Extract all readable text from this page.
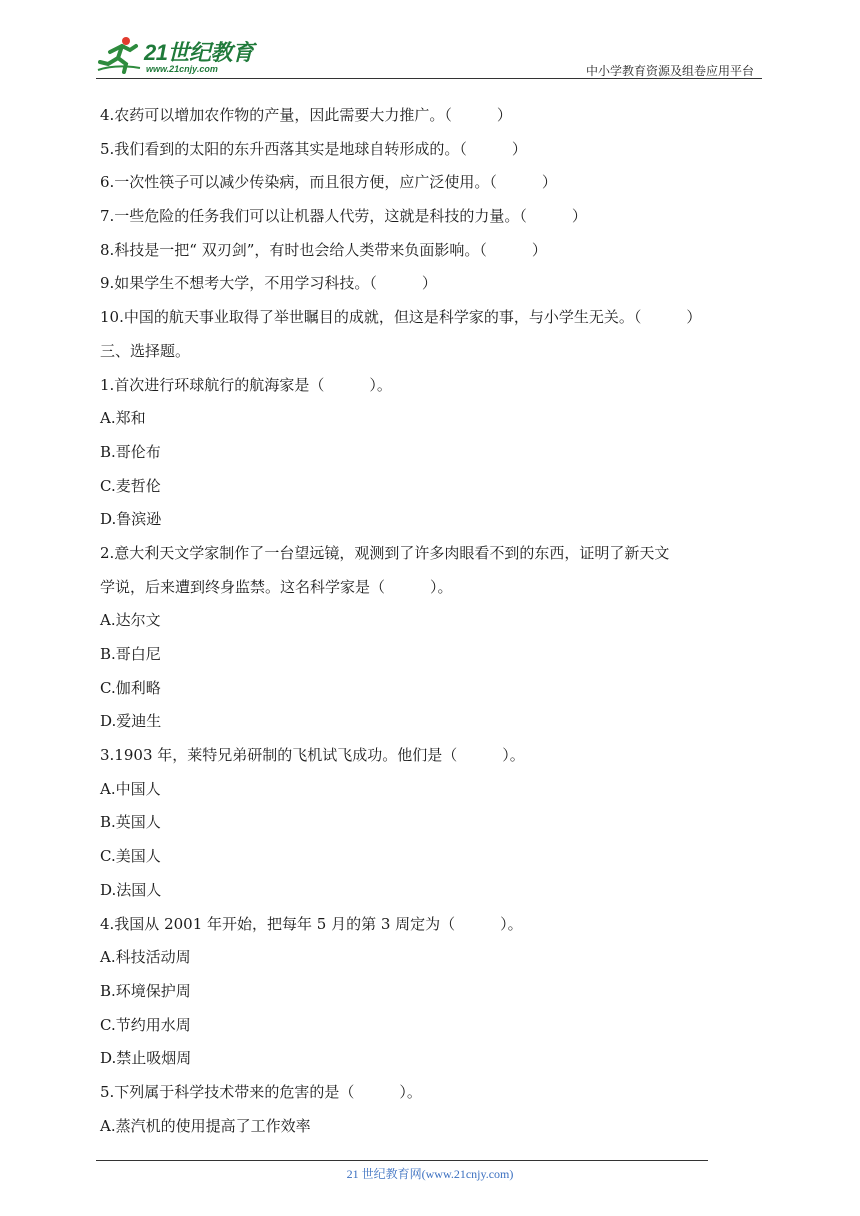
21世纪教育
www.21cnjy.com	中小学教育资源及组卷应用平台
4.农药可以增加农作物的产量，因此需要大力推广。（　　　）
5.我们看到的太阳的东升西落其实是地球自转形成的。（　　　）
6.一次性筷子可以减少传染病，而且很方便，应广泛使用。（　　　）
7.一些危险的任务我们可以让机器人代劳，这就是科技的力量。（　　　）
8.科技是一把“ 双刃剑”，有时也会给人类带来负面影响。（　　　）
9.如果学生不想考大学，不用学习科技。（　　　）
10.中国的航天事业取得了举世瞩目的成就，但这是科学家的事，与小学生无关。（　　　）
三、选择题。
1.首次进行环球航行的航海家是（　　　）。
A.郑和
B.哥伦布
C.麦哲伦
D.鲁滨逊
2.意大利天文学家制作了一台望远镜，观测到了许多肉眼看不到的东西，证明了新天文
学说，后来遭到终身监禁。这名科学家是（　　　）。
A.达尔文
B.哥白尼
C.伽利略
D.爱迪生
3.1903 年，莱特兄弟研制的飞机试飞成功。他们是（　　　）。
A.中国人
B.英国人
C.美国人
D.法国人
4.我国从 2001 年开始，把每年 5 月的第 3 周定为（　　　）。
A.科技活动周
B.环境保护周
C.节约用水周
D.禁止吸烟周
5.下列属于科学技术带来的危害的是（　　　）。
A.蒸汽机的使用提高了工作效率
21 世纪教育网(www.21cnjy.com)
